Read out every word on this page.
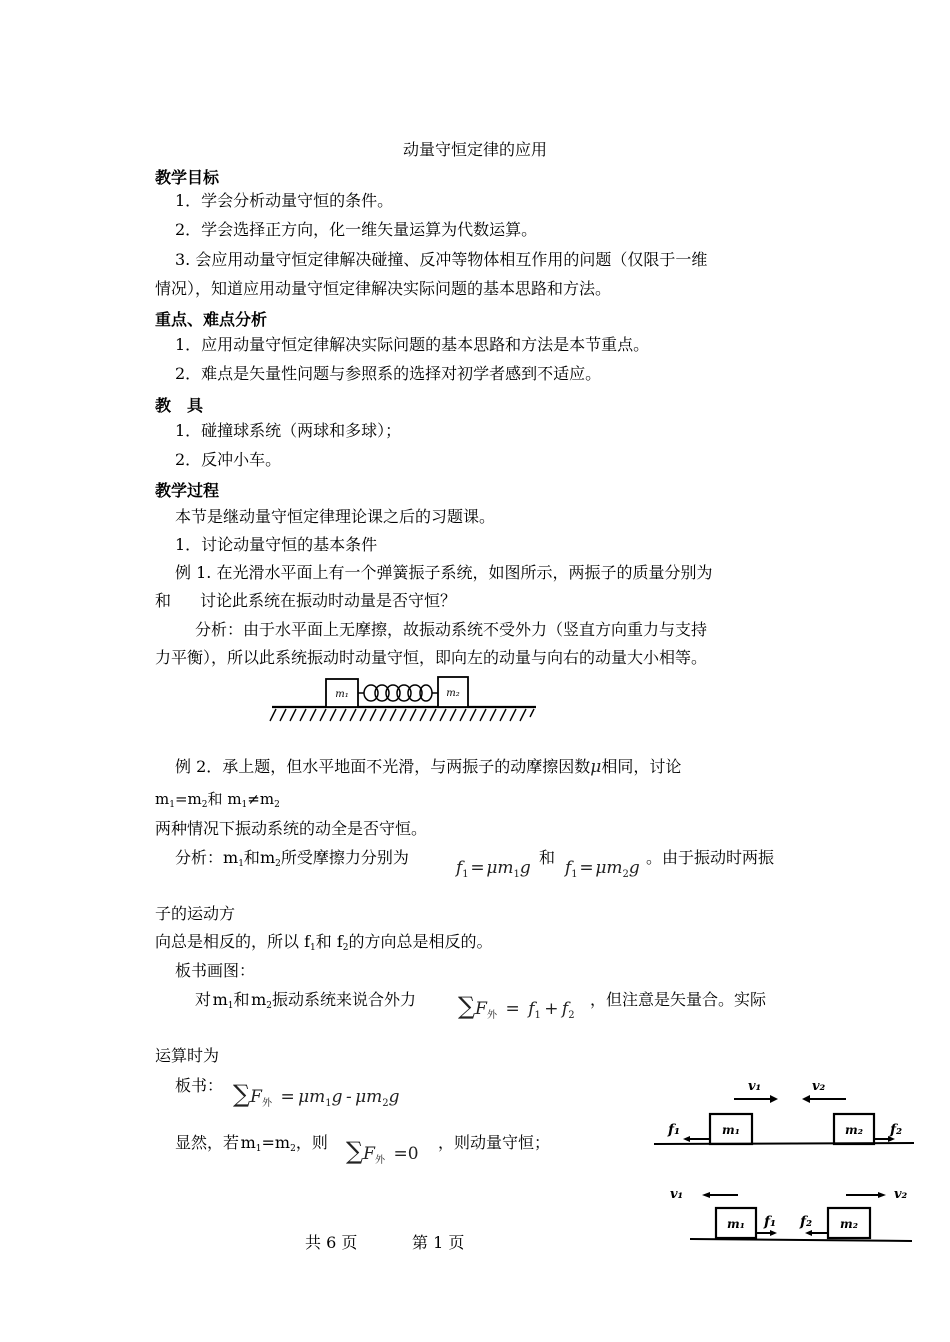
动量守恒定律的应用
教学目标
1．学会分析动量守恒的条件。
2．学会选择正方向，化一维矢量运算为代数运算。
3. 会应用动量守恒定律解决碰撞、反冲等物体相互作用的问题（仅限于一维
情况），知道应用动量守恒定律解决实际问题的基本思路和方法。
重点、难点分析
1．应用动量守恒定律解决实际问题的基本思路和方法是本节重点。
2．难点是矢量性问题与参照系的选择对初学者感到不适应。
教　具
1．碰撞球系统（两球和多球）；
2．反冲小车。
教学过程
本节是继动量守恒定律理论课之后的习题课。
1．讨论动量守恒的基本条件
例 1. 在光滑水平面上有一个弹簧振子系统，如图所示，两振子的质量分别为
和 讨论此系统在振动时动量是否守恒？
分析：由于水平面上无摩擦，故振动系统不受外力（竖直方向重力与支持
力平衡），所以此系统振动时动量守恒，即向左的动量与向右的动量大小相等。
m₁	m₂
例 2．承上题，但水平地面不光滑，与两振子的动摩擦因数μ相同，讨论
$m_1=m_2$和 $m_1\ne m_2$
两种情况下振动系统的动全是否守恒。
分析：m1和m2所受摩擦力分别为
$f_1$  =  $\mu m_1g$
和
$f_1$  =  $\mu m_2g$
。由于振动时两振
子的运动方
向总是相反的，所以 f1和 f2的方向总是相反的。
板书画图：
对 m1和 m2振动系统来说合外力 $\sum F_外$  =  $f_1 + f_2$
，但注意是矢量合。实际
运算时为
板书： $\sum F_外$  =  $\mu m_1g - \mu m_2g$
显然，若 m1=m2，则 $\sum F_外$  =0
，则动量守恒；
v₁	v₂
m₁	m₂
f₁	f₂
v₁	v₂
m₁	m₂
f₁ f₂
共 6 页	第 1 页
